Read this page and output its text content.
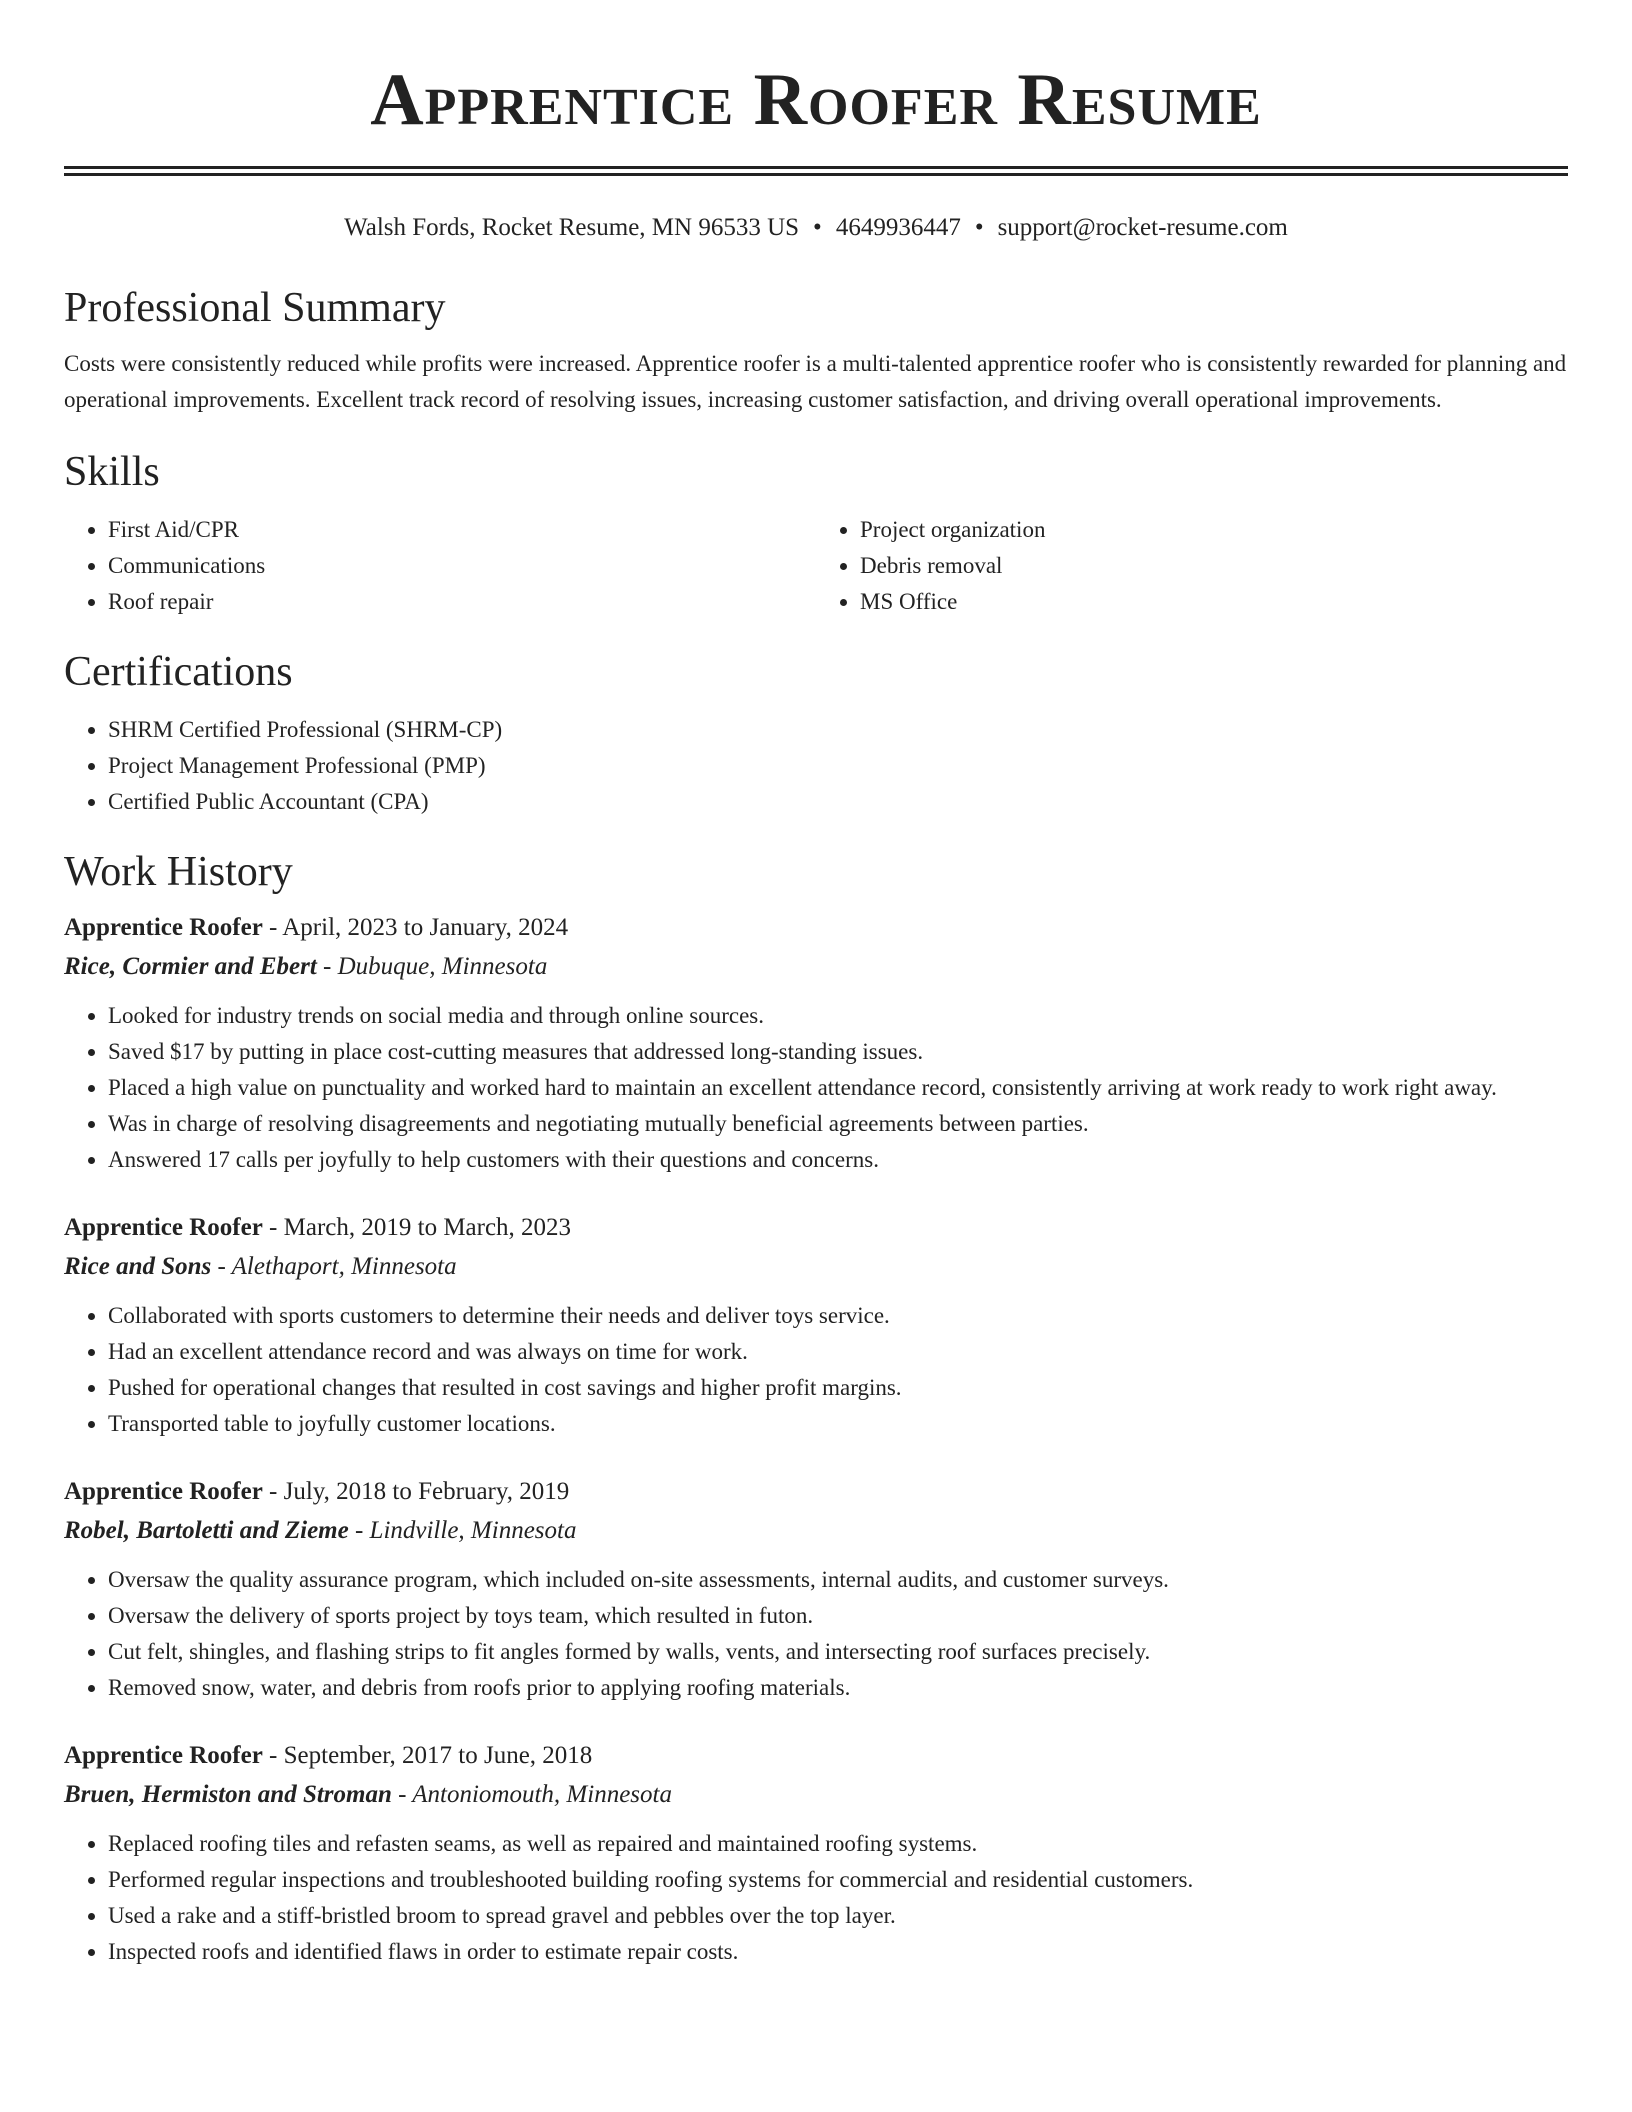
Apprentice Roofer Resume
Walsh Fords, Rocket Resume, MN 96533 US • 4649936447 • support@rocket-resume.com
Professional Summary

Costs were consistently reduced while profits were increased. Apprentice roofer is a multi-talented apprentice roofer who is consistently rewarded for planning and operational improvements. Excellent track record of resolving issues, increasing customer satisfaction, and driving overall operational improvements.

Skills
• First Aid/CPR
• Communications
• Roof repair
• Project organization
• Debris removal
• MS Office
Certifications
• SHRM Certified Professional (SHRM-CP)
• Project Management Professional (PMP)
• Certified Public Accountant (CPA)
Work History
Apprentice Roofer - April, 2023 to January, 2024
Rice, Cormier and Ebert - Dubuque, Minnesota
• Looked for industry trends on social media and through online sources.
• Saved $17 by putting in place cost-cutting measures that addressed long-standing issues.
• Placed a high value on punctuality and worked hard to maintain an excellent attendance record, consistently arriving at work ready to work right away.
• Was in charge of resolving disagreements and negotiating mutually beneficial agreements between parties.
• Answered 17 calls per joyfully to help customers with their questions and concerns.
Apprentice Roofer - March, 2019 to March, 2023
Rice and Sons - Alethaport, Minnesota
• Collaborated with sports customers to determine their needs and deliver toys service.
• Had an excellent attendance record and was always on time for work.
• Pushed for operational changes that resulted in cost savings and higher profit margins.
• Transported table to joyfully customer locations.
Apprentice Roofer - July, 2018 to February, 2019
Robel, Bartoletti and Zieme - Lindville, Minnesota
• Oversaw the quality assurance program, which included on-site assessments, internal audits, and customer surveys.
• Oversaw the delivery of sports project by toys team, which resulted in futon.
• Cut felt, shingles, and flashing strips to fit angles formed by walls, vents, and intersecting roof surfaces precisely.
• Removed snow, water, and debris from roofs prior to applying roofing materials.
Apprentice Roofer - September, 2017 to June, 2018
Bruen, Hermiston and Stroman - Antoniomouth, Minnesota
• Replaced roofing tiles and refasten seams, as well as repaired and maintained roofing systems.
• Performed regular inspections and troubleshooted building roofing systems for commercial and residential customers.
• Used a rake and a stiff-bristled broom to spread gravel and pebbles over the top layer.
• Inspected roofs and identified flaws in order to estimate repair costs.
